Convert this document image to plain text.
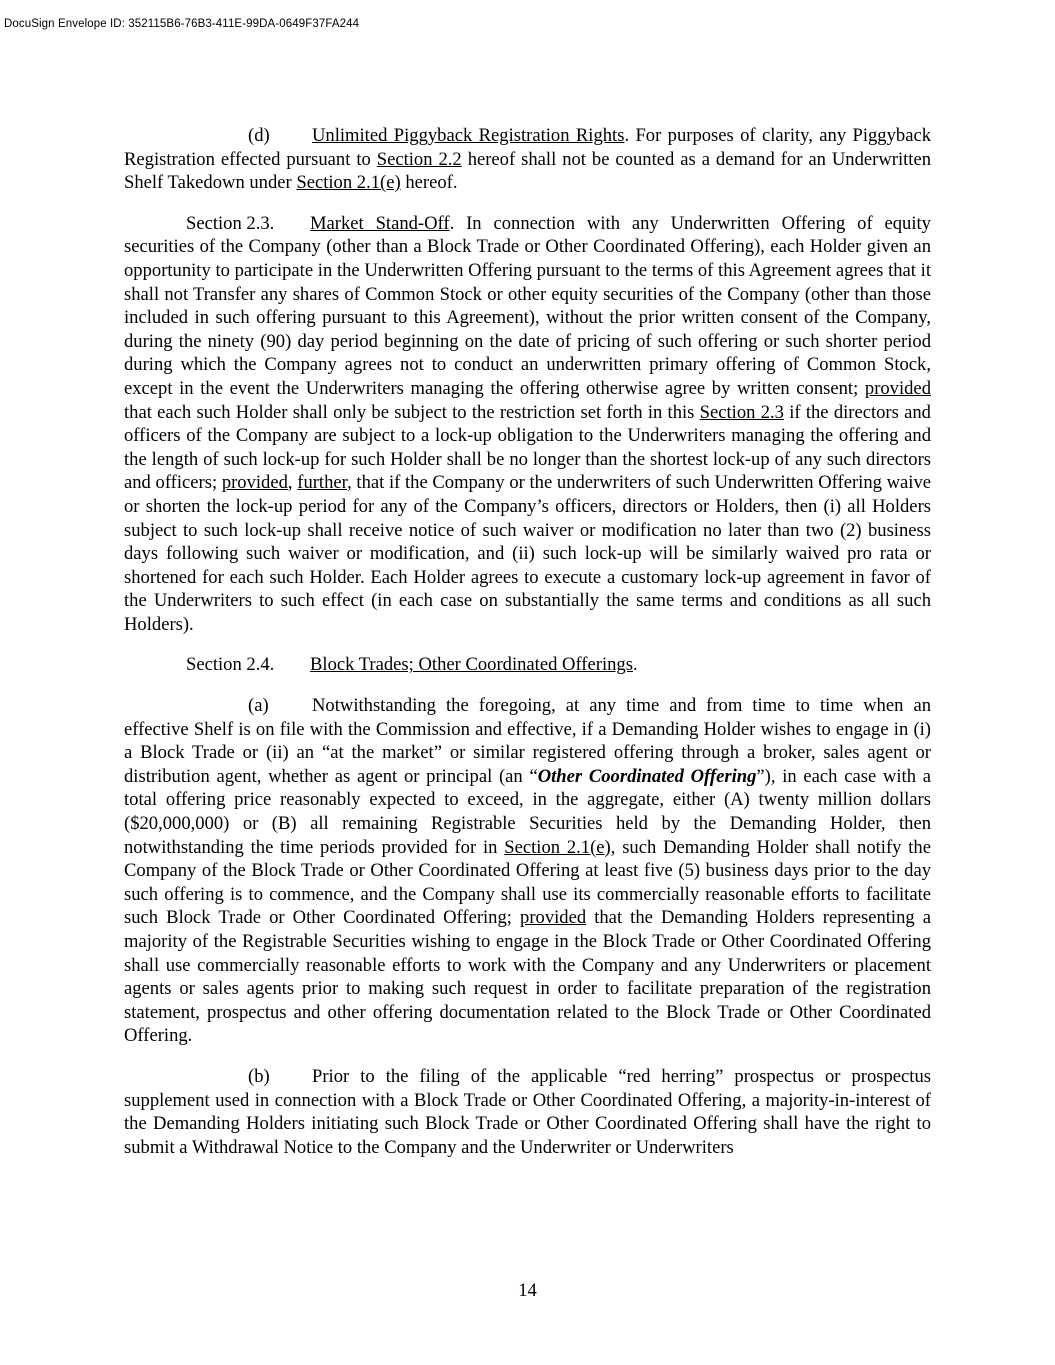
DocuSign Envelope ID: 352115B6-76B3-411E-99DA-0649F37FA244

(d) Unlimited Piggyback Registration Rights. For purposes of clarity, any Piggyback Registration effected pursuant to Section 2.2 hereof shall not be counted as a demand for an Underwritten Shelf Takedown under Section 2.1(e) hereof.

Section 2.3. Market Stand-Off. In connection with any Underwritten Offering of equity securities of the Company (other than a Block Trade or Other Coordinated Offering), each Holder given an opportunity to participate in the Underwritten Offering pursuant to the terms of this Agreement agrees that it shall not Transfer any shares of Common Stock or other equity securities of the Company (other than those included in such offering pursuant to this Agreement), without the prior written consent of the Company, during the ninety (90) day period beginning on the date of pricing of such offering or such shorter period during which the Company agrees not to conduct an underwritten primary offering of Common Stock, except in the event the Underwriters managing the offering otherwise agree by written consent; provided that each such Holder shall only be subject to the restriction set forth in this Section 2.3 if the directors and officers of the Company are subject to a lock-up obligation to the Underwriters managing the offering and the length of such lock-up for such Holder shall be no longer than the shortest lock-up of any such directors and officers; provided, further, that if the Company or the underwriters of such Underwritten Offering waive or shorten the lock-up period for any of the Company’s officers, directors or Holders, then (i) all Holders subject to such lock-up shall receive notice of such waiver or modification no later than two (2) business days following such waiver or modification, and (ii) such lock-up will be similarly waived pro rata or shortened for each such Holder. Each Holder agrees to execute a customary lock-up agreement in favor of the Underwriters to such effect (in each case on substantially the same terms and conditions as all such Holders).

Section 2.4. Block Trades; Other Coordinated Offerings.

(a) Notwithstanding the foregoing, at any time and from time to time when an effective Shelf is on file with the Commission and effective, if a Demanding Holder wishes to engage in (i) a Block Trade or (ii) an “at the market” or similar registered offering through a broker, sales agent or distribution agent, whether as agent or principal (an “Other Coordinated Offering”), in each case with a total offering price reasonably expected to exceed, in the aggregate, either (A) twenty million dollars ($20,000,000) or (B) all remaining Registrable Securities held by the Demanding Holder, then notwithstanding the time periods provided for in Section 2.1(e), such Demanding Holder shall notify the Company of the Block Trade or Other Coordinated Offering at least five (5) business days prior to the day such offering is to commence, and the Company shall use its commercially reasonable efforts to facilitate such Block Trade or Other Coordinated Offering; provided that the Demanding Holders representing a majority of the Registrable Securities wishing to engage in the Block Trade or Other Coordinated Offering shall use commercially reasonable efforts to work with the Company and any Underwriters or placement agents or sales agents prior to making such request in order to facilitate preparation of the registration statement, prospectus and other offering documentation related to the Block Trade or Other Coordinated Offering.

(b) Prior to the filing of the applicable “red herring” prospectus or prospectus supplement used in connection with a Block Trade or Other Coordinated Offering, a majority-in-interest of the Demanding Holders initiating such Block Trade or Other Coordinated Offering shall have the right to submit a Withdrawal Notice to the Company and the Underwriter or Underwriters

14
